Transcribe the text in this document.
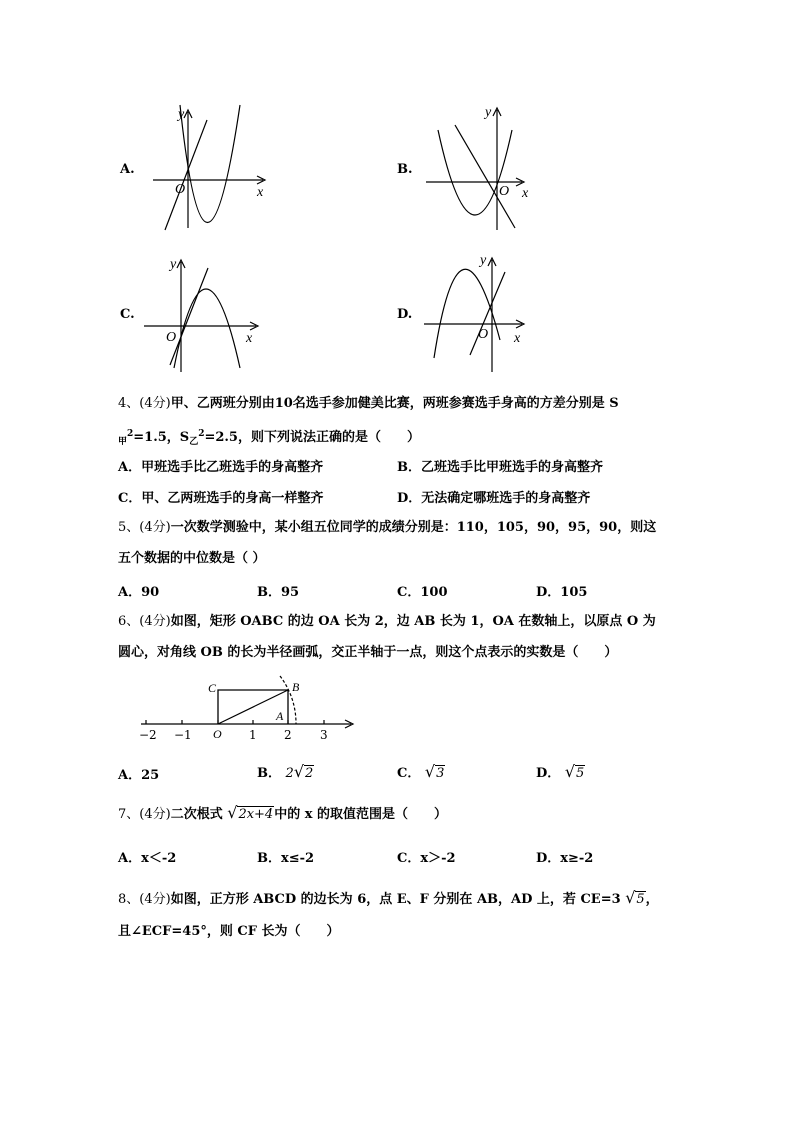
A.
y
x
O
B.
y
x
O
C.
y
x
O
D.
y
x
O
4、(4分)甲、乙两班分别由10名选手参加健美比赛，两班参赛选手身高的方差分别是 S
$_甲^2$=1.5，$S_乙^2=2.5$，则下列说法正确的是（　　）
A．甲班选手比乙班选手的身高整齐	B．乙班选手比甲班选手的身高整齐
C．甲、乙两班选手的身高一样整齐	D．无法确定哪班选手的身高整齐
5、(4分)一次数学测验中，某小组五位同学的成绩分别是：110，105，90，95，90，则这
五个数据的中位数是（ ）
A．90	B．95	C．100	D．105
6、(4分)如图，矩形 OABC 的边 OA 长为 2，边 AB 长为 1，OA 在数轴上，以原点 O 为
圆心，对角线 OB 的长为半径画弧，交正半轴于一点，则这个点表示的实数是（　　）
C	B
A
O
−2 −1	1 2 3
A．25	B． 2√2	C． √3	D． √5
7、(4分)二次根式 √2x+4中的 x 的取值范围是（　　）
A．x＜-2	B．x≤-2	C．x＞-2	D．x≥-2
8、(4分)如图，正方形 ABCD 的边长为 6，点 E、F 分别在 AB，AD 上，若 CE=3 √5，
且∠ECF=45°，则 CF 长为（　　）
